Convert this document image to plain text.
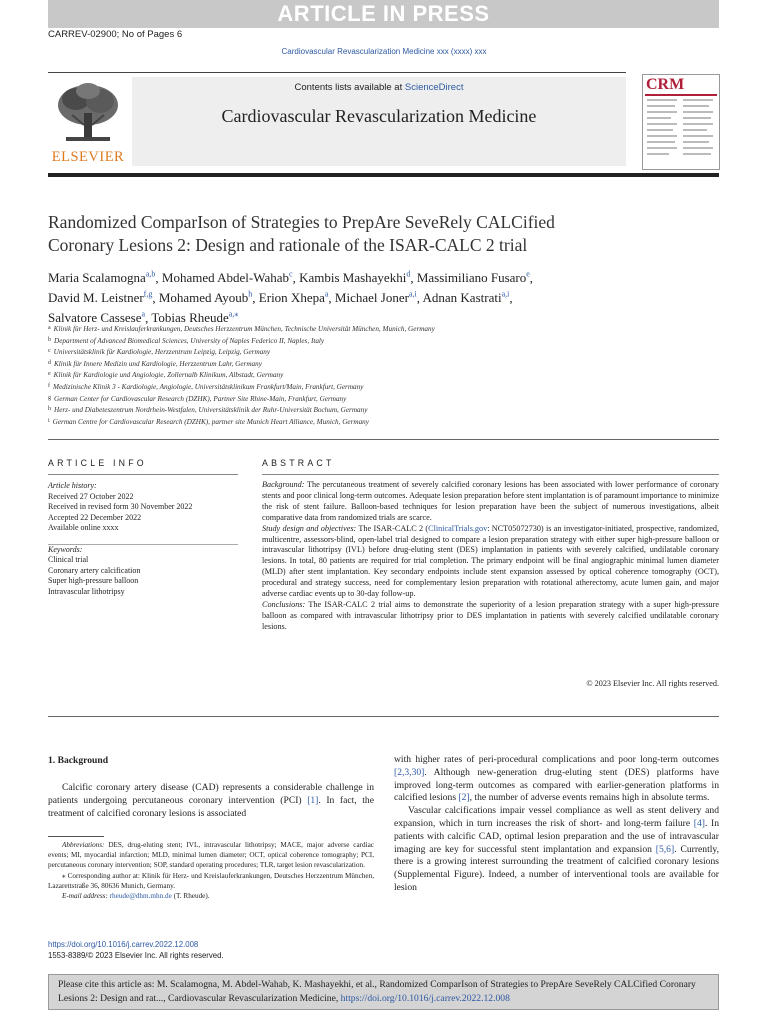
ARTICLE IN PRESS
CARREV-02900; No of Pages 6
Cardiovascular Revascularization Medicine xxx (xxxx) xxx
ELSEVIER
Contents lists available at ScienceDirect
Cardiovascular Revascularization Medicine
CRM
Randomized ComparIson of Strategies to PrepAre SeveRely CALCified
Coronary Lesions 2: Design and rationale of the ISAR-CALC 2 trial
Maria Scalamogna$^{a,b}$, Mohamed Abdel-Wahab$^c$, Kambis Mashayekhi$^d$, Massimiliano Fusaro$^e$,
David M. Leistner$^{f,g}$, Mohamed Ayoub$^h$, Erion Xhepa$^a$, Michael Joner$^{a,i}$, Adnan Kastrati$^{a,i}$,
Salvatore Cassese$^a$, Tobias Rheude$^{a,⁎}$
$^a$ Klinik für Herz- und Kreislauferkrankungen, Deutsches Herzzentrum München, Technische Universität München, Munich, Germany
$^b$ Department of Advanced Biomedical Sciences, University of Naples Federico II, Naples, Italy
$^c$ Universitätsklinik für Kardiologie, Herzzentrum Leipzig, Leipzig, Germany
$^d$ Klinik für Innere Medizin und Kardiologie, Herzzentrum Lahr, Germany
$^e$ Klinik für Kardiologie und Angiologie, Zollernalb Klinikum, Albstadt, Germany
$^f$ Medizinische Klinik 3 - Kardiologie, Angiologie, Universitätsklinikum Frankfurt/Main, Frankfurt, Germany
$^g$ German Center for Cardiovascular Research (DZHK), Partner Site Rhine-Main, Frankfurt, Germany
$^h$ Herz- und Diabeteszentrum Nordrhein-Westfalen, Universitätsklinik der Ruhr-Universität Bochum, Germany
$^i$ German Centre for Cardiovascular Research (DZHK), partner site Munich Heart Alliance, Munich, Germany
ARTICLE INFO
Article history:
Received 27 October 2022
Received in revised form 30 November 2022
Accepted 22 December 2022
Available online xxxx
Keywords:
Clinical trial
Coronary artery calcification
Super high-pressure balloon
Intravascular lithotripsy
ABSTRACT
Background: The percutaneous treatment of severely calcified coronary lesions has been associated with lower performance of coronary stents and poor clinical long-term outcomes. Adequate lesion preparation before stent implantation is of paramount importance to minimize the risk of stent failure. Balloon-based techniques for lesion preparation have been the subject of numerous investigations, albeit comparative data from randomized trials are scarce.
Study design and objectives: The ISAR-CALC 2 (ClinicalTrials.gov: NCT05072730) is an investigator-initiated, prospective, randomized, multicentre, assessors-blind, open-label trial designed to compare a lesion preparation strategy with either super high-pressure balloon or intravascular lithotripsy (IVL) before drug-eluting stent (DES) implantation in patients with severely calcified, undilatable coronary lesions. In total, 80 patients are required for trial completion. The primary endpoint will be final angiographic minimal lumen diameter (MLD) after stent implantation. Key secondary endpoints include stent expansion assessed by optical coherence tomography (OCT), procedural and strategy success, need for complementary lesion preparation with rotational atherectomy, acute lumen gain, and major adverse cardiac events up to 30-day follow-up.
Conclusions: The ISAR-CALC 2 trial aims to demonstrate the superiority of a lesion preparation strategy with a super high-pressure balloon as compared with intravascular lithotripsy prior to DES implantation in patients with severely calcified undilatable coronary lesions.
© 2023 Elsevier Inc. All rights reserved.
1. Background
Calcific coronary artery disease (CAD) represents a considerable challenge in patients undergoing percutaneous coronary intervention (PCI) [1]. In fact, the treatment of calcified coronary lesions is associated

with higher rates of peri-procedural complications and poor long-term outcomes [2,3,30]. Although new-generation drug-eluting stent (DES) platforms have improved long-term outcomes as compared with earlier-generation platforms in calcified lesions [2], the number of adverse events remains high in absolute terms.

Vascular calcifications impair vessel compliance as well as stent delivery and expansion, which in turn increases the risk of short- and long-term failure [4]. In patients with calcific CAD, optimal lesion preparation and the use of intravascular imaging are key for successful stent implantation and expansion [5,6]. Currently, there is a growing interest surrounding the treatment of calcified coronary lesions (Supplemental Figure). Indeed, a number of interventional tools are available for lesion

Abbreviations: DES, drug-eluting stent; IVL, intravascular lithotripsy; MACE, major adverse cardiac events; MI, myocardial infarction; MLD, minimal lumen diameter; OCT, optical coherence tomography; PCI, percutaneous coronary intervention; SOP, standard operating procedures; TLR, target lesion revascularization.

⁎ Corresponding author at: Klinik für Herz- und Kreislauferkrankungen, Deutsches Herzzentrum München, Lazarettstraße 36, 80636 Munich, Germany.

E-mail address: rheude@dhm.mhn.de (T. Rheude).

https://doi.org/10.1016/j.carrev.2022.12.008
1553-8389/© 2023 Elsevier Inc. All rights reserved.
Please cite this article as: M. Scalamogna, M. Abdel-Wahab, K. Mashayekhi, et al., Randomized ComparIson of Strategies to PrepAre SeveRely CALCified Coronary Lesions 2: Design and rat..., Cardiovascular Revascularization Medicine, https://doi.org/10.1016/j.carrev.2022.12.008
